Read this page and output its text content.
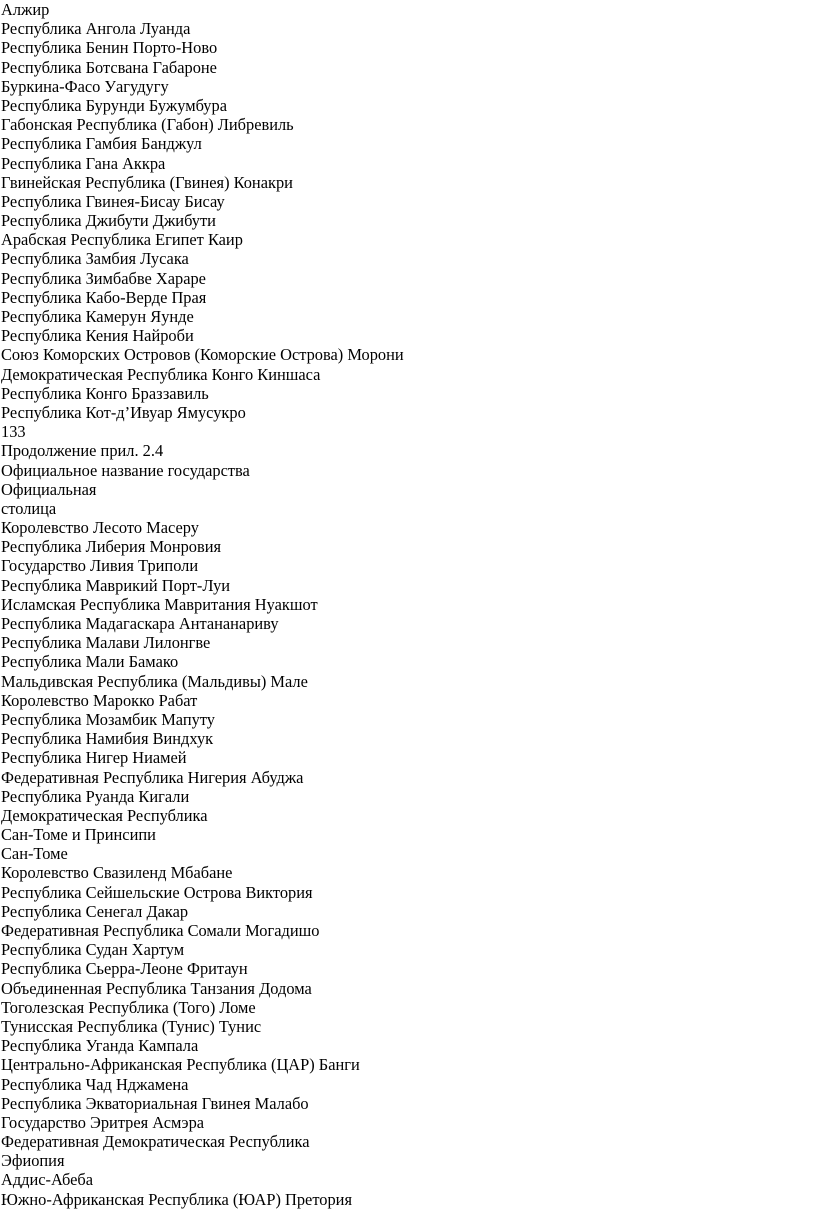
Алжир
Республика Ангола Луанда
Республика Бенин Порто-Ново
Республика Ботсвана Габароне
Буркина-Фасо Уагудугу
Республика Бурунди Бужумбура
Габонская Республика (Габон) Либревиль
Республика Гамбия Банджул
Республика Гана Аккра
Гвинейская Республика (Гвинея) Конакри
Республика Гвинея-Бисау Бисау
Республика Джибути Джибути
Арабская Республика Египет Каир
Республика Замбия Лусака
Республика Зимбабве Хараре
Республика Кабо-Верде Прая
Республика Камерун Яунде
Республика Кения Найроби
Союз Коморских Островов (Коморские Острова) Морони
Демократическая Республика Конго Киншаса
Республика Конго Браззавиль
Республика Кот-д’Ивуар Ямусукро
133
Продолжение прил. 2.4
Официальное название государства
Официальная
столица
Королевство Лесото Масеру
Республика Либерия Монровия
Государство Ливия Триполи
Республика Маврикий Порт-Луи
Исламская Республика Мавритания Нуакшот
Республика Мадагаскара Антананариву
Республика Малави Лилонгве
Республика Мали Бамако
Мальдивская Республика (Мальдивы) Мале
Королевство Марокко Рабат
Республика Мозамбик Мапуту
Республика Намибия Виндхук
Республика Нигер Ниамей
Федеративная Республика Нигерия Абуджа
Республика Руанда Кигали
Демократическая Республика
Сан-Томе и Принсипи
Сан-Томе
Королевство Свазиленд Мбабане
Республика Сейшельские Острова Виктория
Республика Сенегал Дакар
Федеративная Республика Сомали Могадишо
Республика Судан Хартум
Республика Сьерра-Леоне Фритаун
Объединенная Республика Танзания Додома
Тоголезская Республика (Того) Ломе
Тунисская Республика (Тунис) Тунис
Республика Уганда Кампала
Центрально-Африканская Республика (ЦАР) Банги
Республика Чад Нджамена
Республика Экваториальная Гвинея Малабо
Государство Эритрея Асмэра
Федеративная Демократическая Республика
Эфиопия
Аддис-Абеба
Южно-Африканская Республика (ЮАР) Претория
